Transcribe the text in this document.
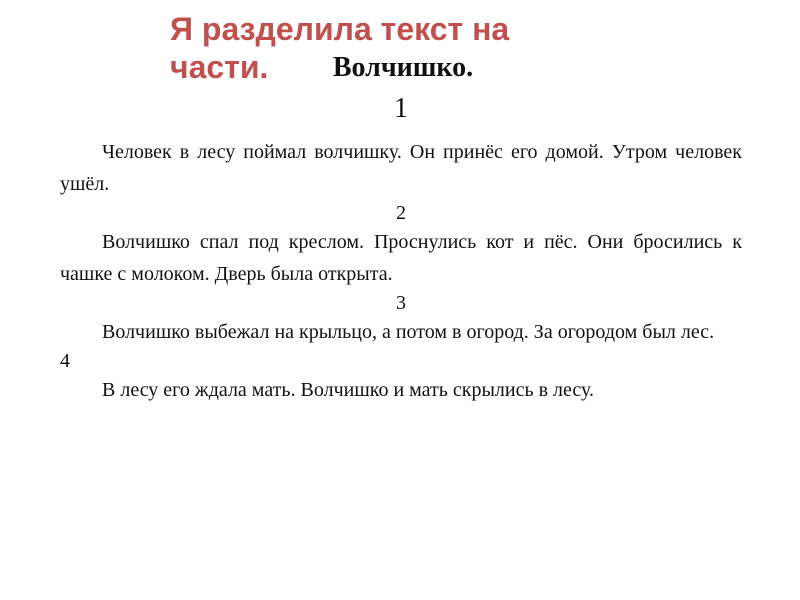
Я разделила текст на части.	Волчишко.
1

Человек в лесу поймал волчишку. Он принёс его домой. Утром человек ушёл.

2

Волчишко спал под креслом. Проснулись кот и пёс. Они бросились к чашке с молоком. Дверь была открыта.

3

Волчишко выбежал на крыльцо, а потом в огород. За огородом был лес.

4

В лесу его ждала мать. Волчишко и мать скрылись в лесу.
